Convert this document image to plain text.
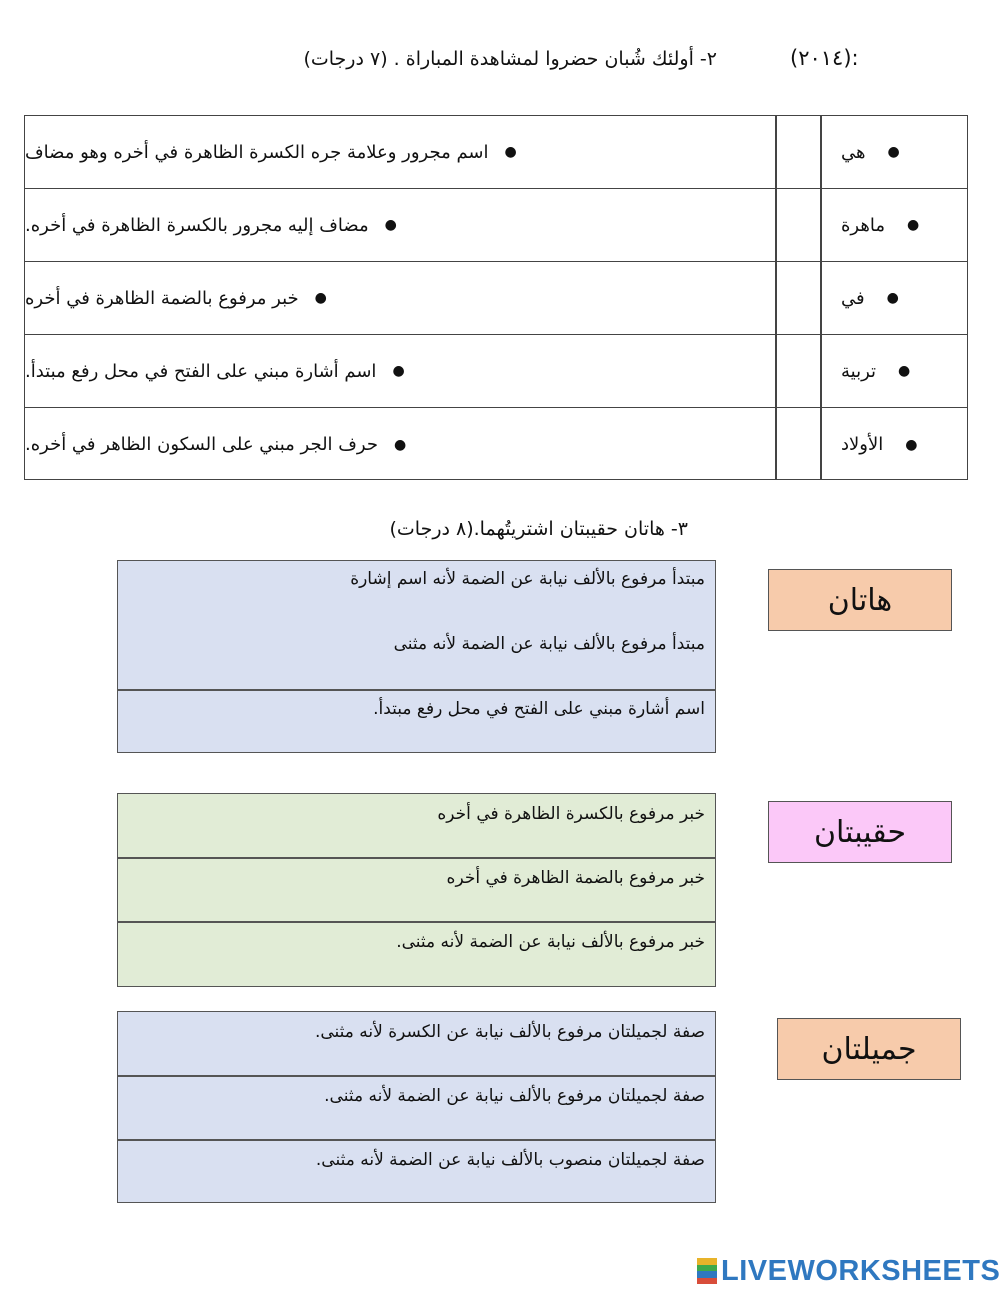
(٢٠١٤):
٢- أولئك شُبان حضروا لمشاهدة المباراة . (٧ درجات)
●
اسم مجرور وعلامة جره الكسرة الظاهرة في أخره وهو مضاف	هي ●
●
مضاف إليه مجرور بالكسرة الظاهرة في أخره.	ماهرة ●
●
خبر مرفوع بالضمة الظاهرة في أخره	في ●
●
اسم أشارة مبني على الفتح في محل رفع مبتدأ.	تربية ●
●
حرف الجر مبني على السكون الظاهر في أخره.	الأولاد ●
٣- هاتان حقيبتان اشتريتُهما.(٨ درجات)
مبتدأ مرفوع بالألف نيابة عن الضمة لأنه اسم إشارة
مبتدأ مرفوع بالألف نيابة عن الضمة لأنه مثنى
اسم أشارة مبني على الفتح في محل رفع مبتدأ.
هاتان
خبر مرفوع بالكسرة الظاهرة في أخره
خبر مرفوع بالضمة الظاهرة في أخره
خبر مرفوع بالألف نيابة عن الضمة لأنه مثنى.
حقيبتان
صفة لجميلتان مرفوع بالألف نيابة عن الكسرة لأنه مثنى.
صفة لجميلتان مرفوع بالألف نيابة عن الضمة لأنه مثنى.
صفة لجميلتان منصوب بالألف نيابة عن الضمة لأنه مثنى.
جميلتان
LIVEWORKSHEETS
